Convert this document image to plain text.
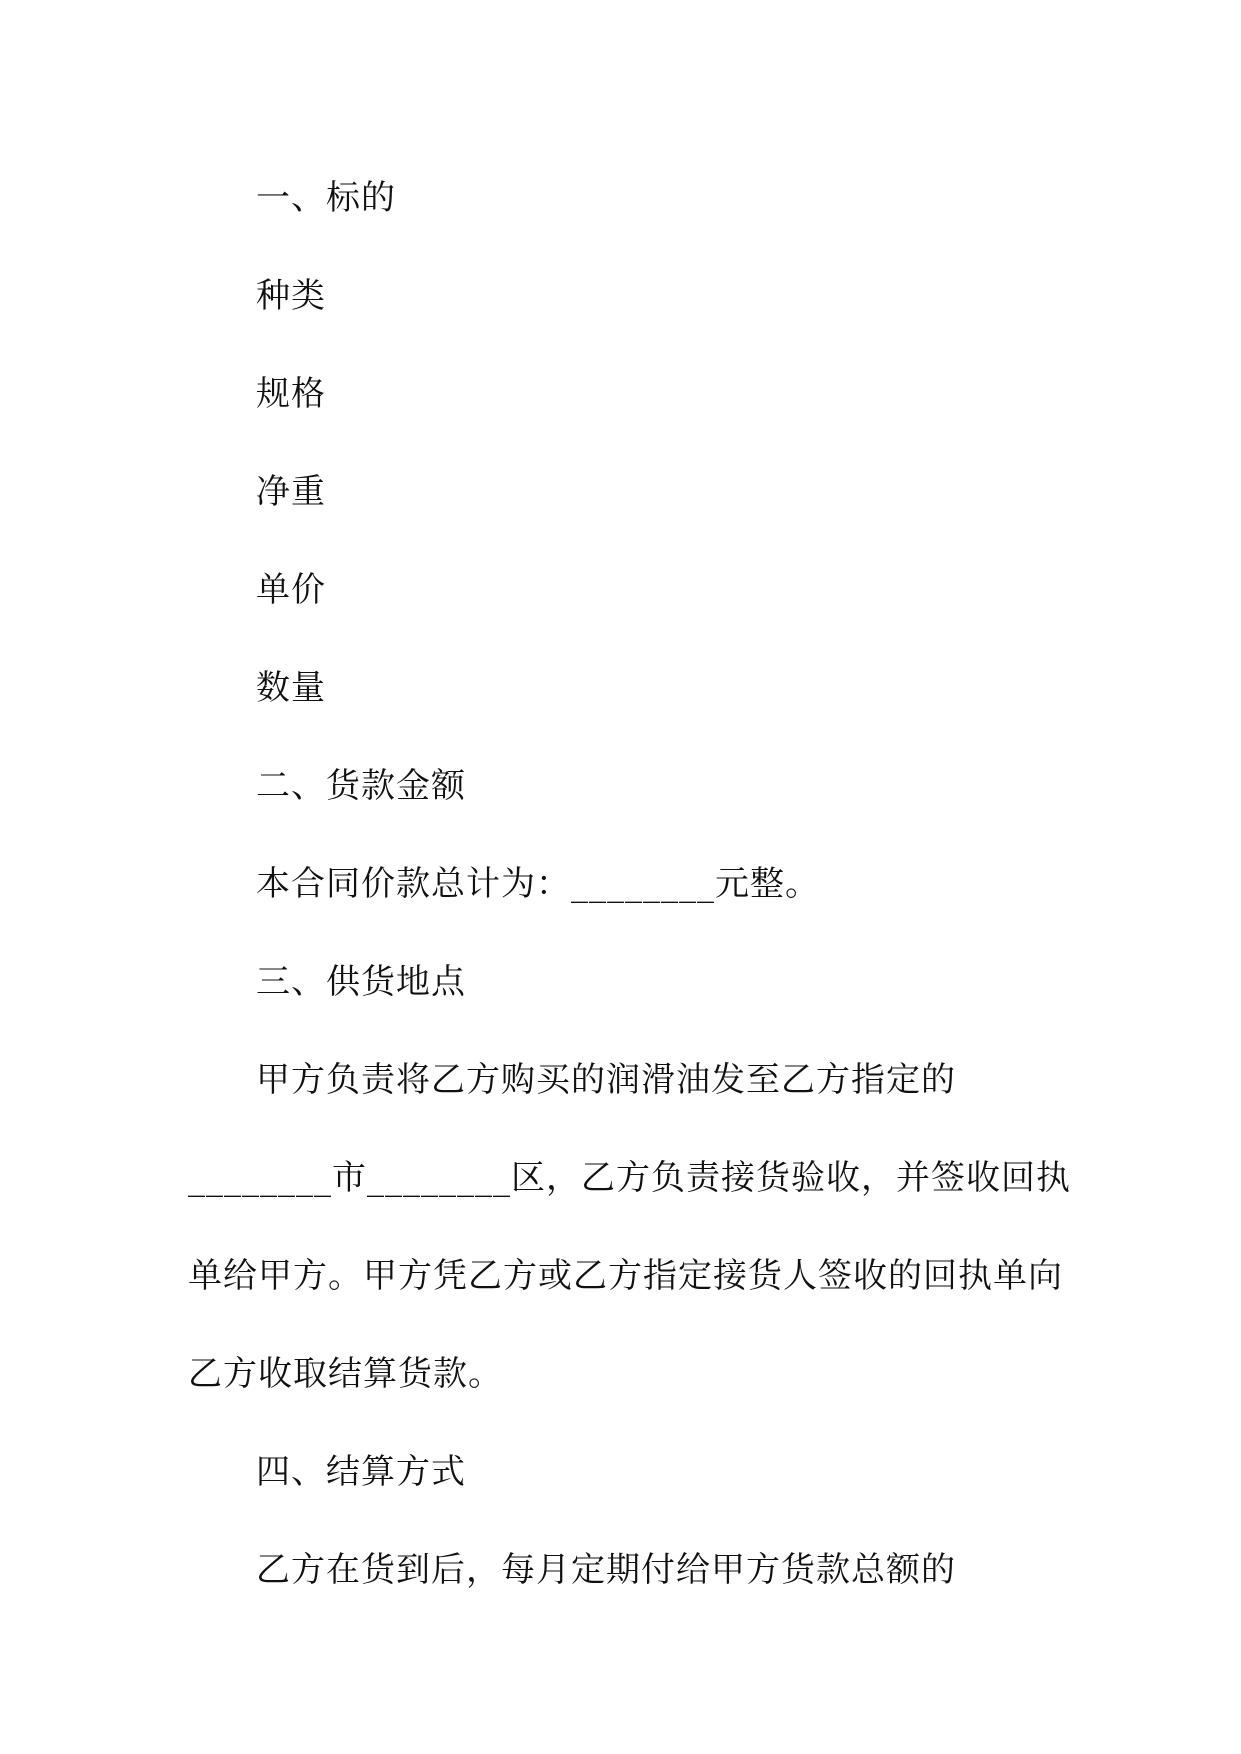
一、标的
种类
规格
净重
单价
数量
二、货款金额
本合同价款总计为：________元整。
三、供货地点
甲方负责将乙方购买的润滑油发至乙方指定的
________市________区，乙方负责接货验收，并签收回执
单给甲方。甲方凭乙方或乙方指定接货人签收的回执单向
乙方收取结算货款。
四、结算方式
乙方在货到后，每月定期付给甲方货款总额的
